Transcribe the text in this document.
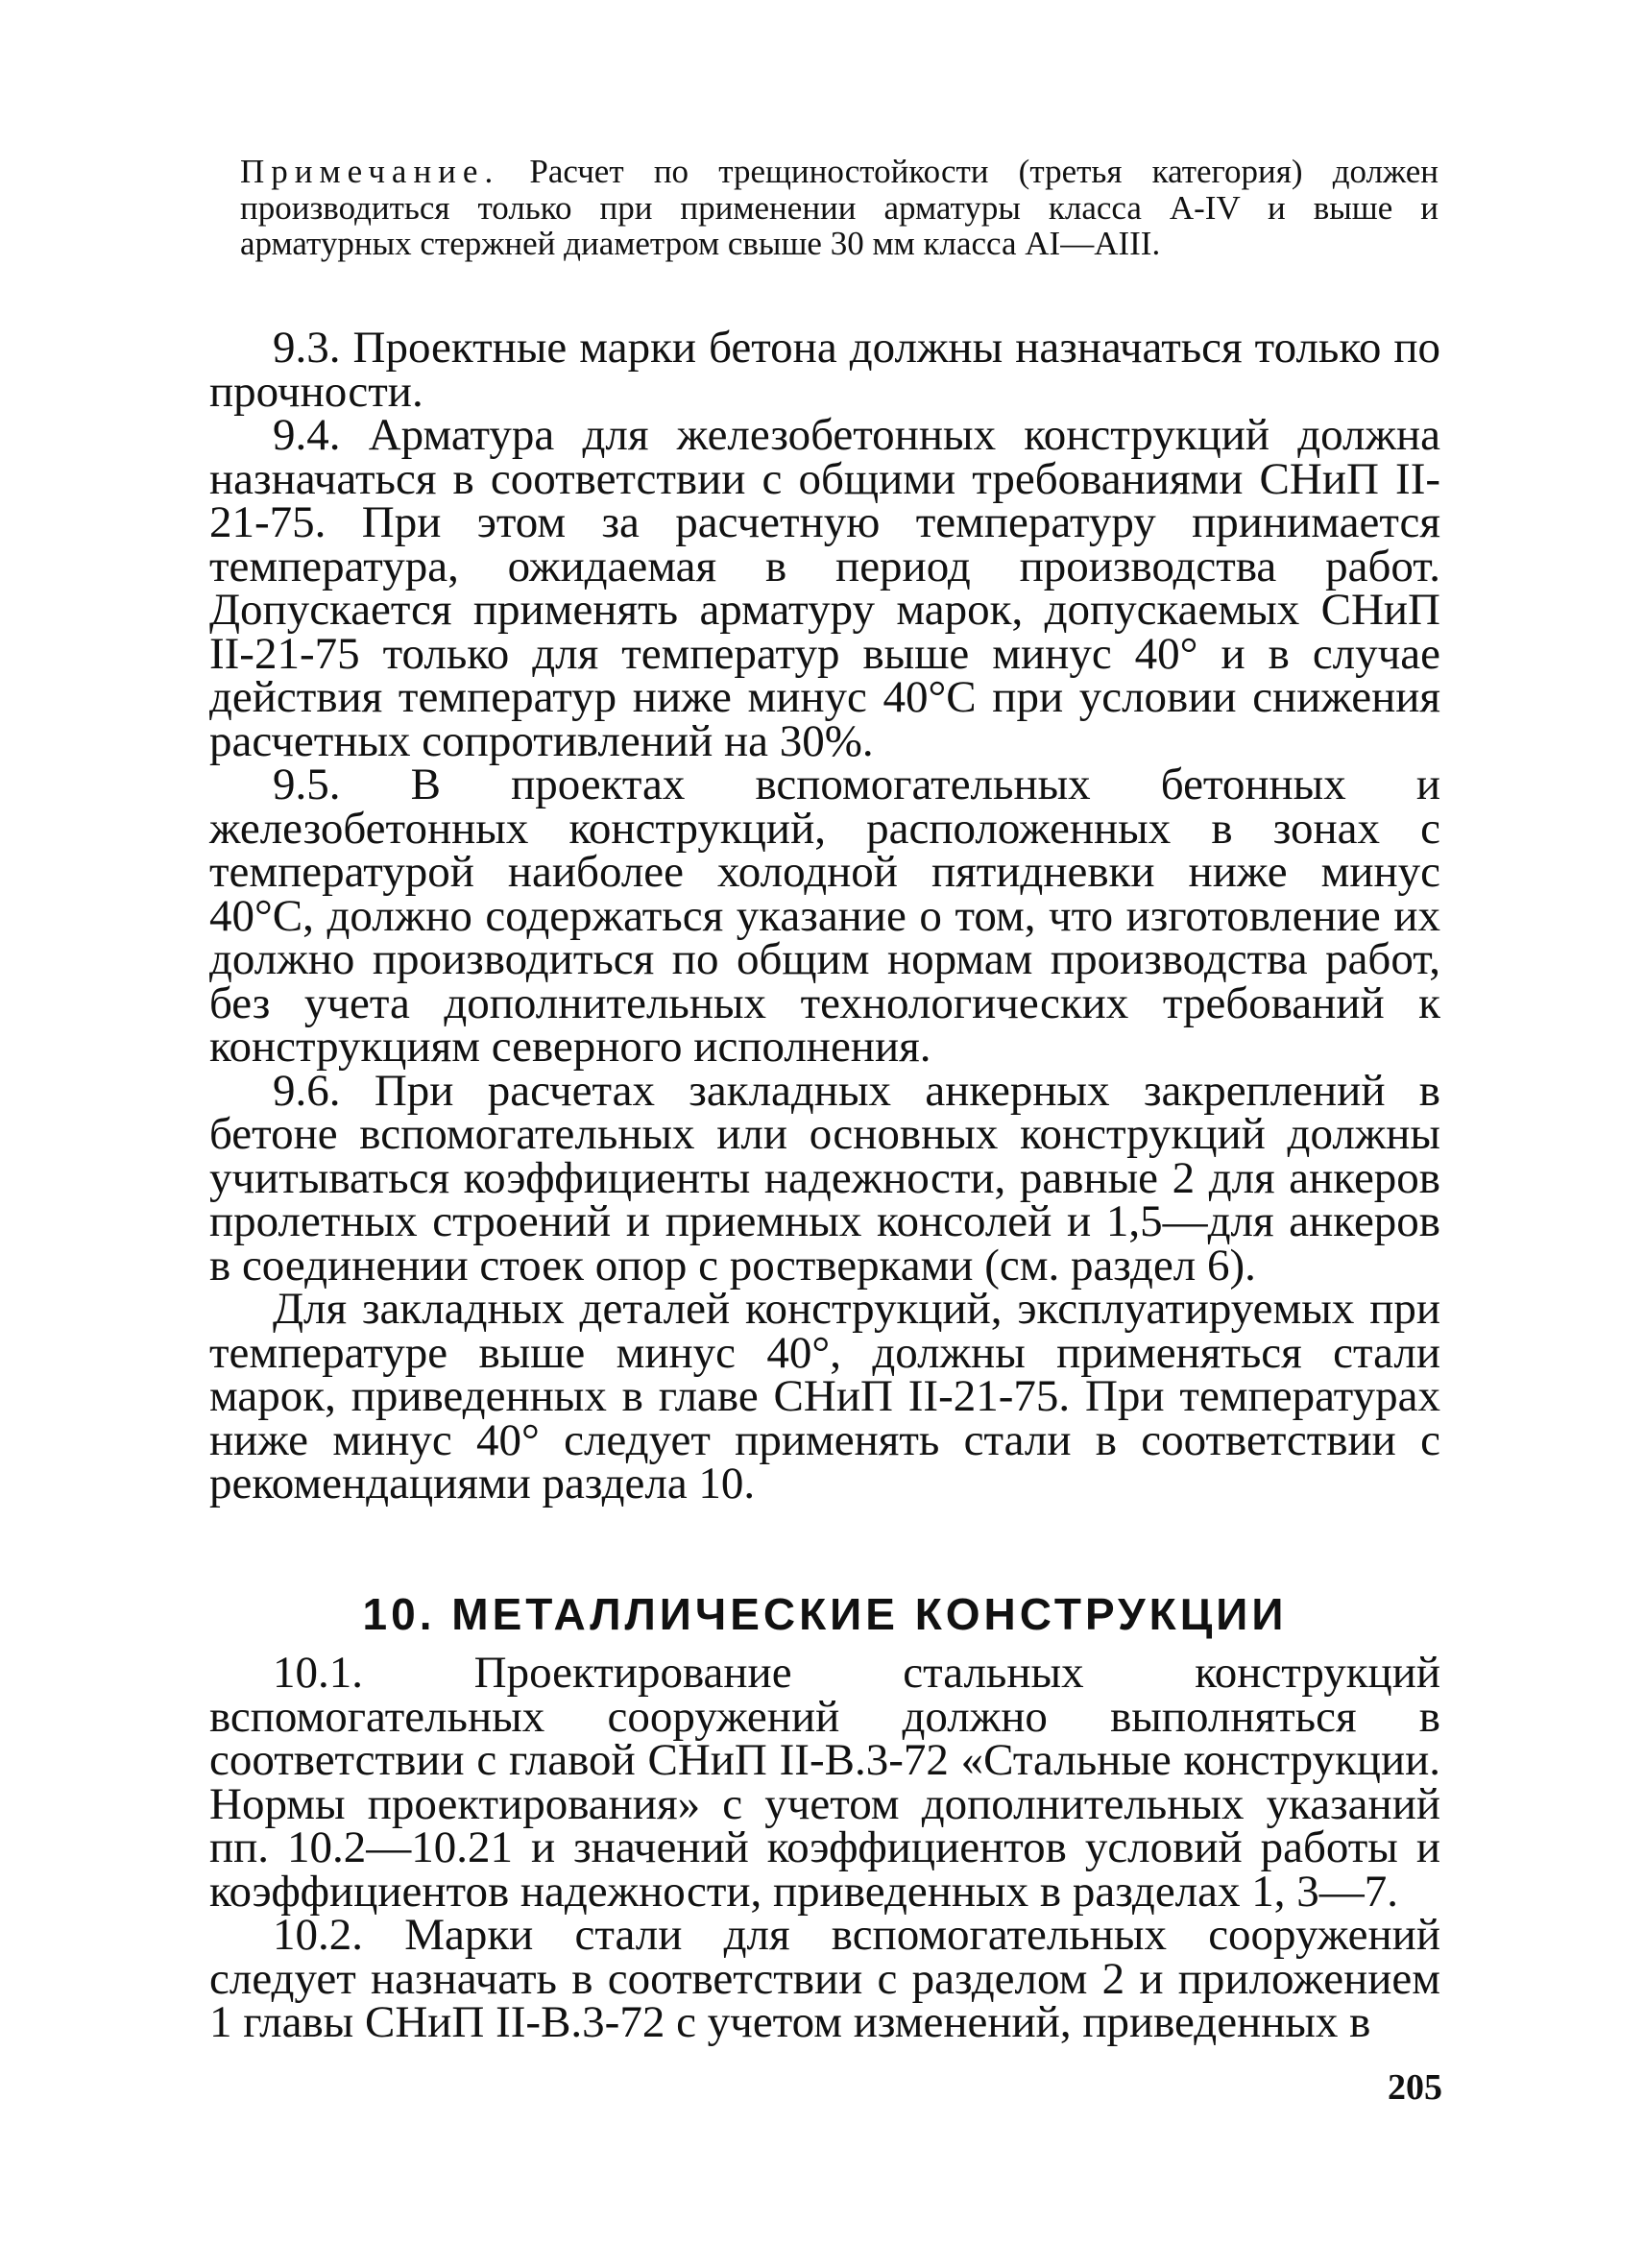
Примечание. Расчет по трещиностойкости (третья категория) должен производиться только при применении арматуры класса A-IV и выше и арматурных стержней диаметром свыше 30 мм класса AI—AIII.

9.3. Проектные марки бетона должны назначаться только по прочности.

9.4. Арматура для железобетонных конструкций должна назначаться в соответствии с общими требованиями СНиП II-21-75. При этом за расчетную температуру принимается температура, ожидаемая в период производства работ. Допускается применять арматуру марок, допускаемых СНиП II-21-75 только для температур выше минус 40° и в случае действия температур ниже минус 40°С при условии снижения расчетных сопротивлений на 30%.

9.5. В проектах вспомогательных бетонных и железобетонных конструкций, расположенных в зонах с температурой наиболее холодной пятидневки ниже минус 40°С, должно содержаться указание о том, что изготовление их должно производиться по общим нормам производства работ, без учета дополнительных технологических требований к конструкциям северного исполнения.

9.6. При расчетах закладных анкерных закреплений в бетоне вспомогательных или основных конструкций должны учитываться коэффициенты надежности, равные 2 для анкеров пролетных строений и приемных консолей и 1,5—для анкеров в соединении стоек опор с ростверками (см. раздел 6).

Для закладных деталей конструкций, эксплуатируемых при температуре выше минус 40°, должны применяться стали марок, приведенных в главе СНиП II-21-75. При температурах ниже минус 40° следует применять стали в соответствии с рекомендациями раздела 10.

10. МЕТАЛЛИЧЕСКИЕ КОНСТРУКЦИИ

10.1. Проектирование стальных конструкций вспомогательных сооружений должно выполняться в соответствии с главой СНиП II-В.3-72 «Стальные конструкции. Нормы проектирования» с учетом дополнительных указаний пп. 10.2—10.21 и значений коэффициентов условий работы и коэффициентов надежности, приведенных в разделах 1, 3—7.

10.2. Марки стали для вспомогательных сооружений следует назначать в соответствии с разделом 2 и приложением 1 главы СНиП II-В.3-72 с учетом изменений, приведенных в

205
